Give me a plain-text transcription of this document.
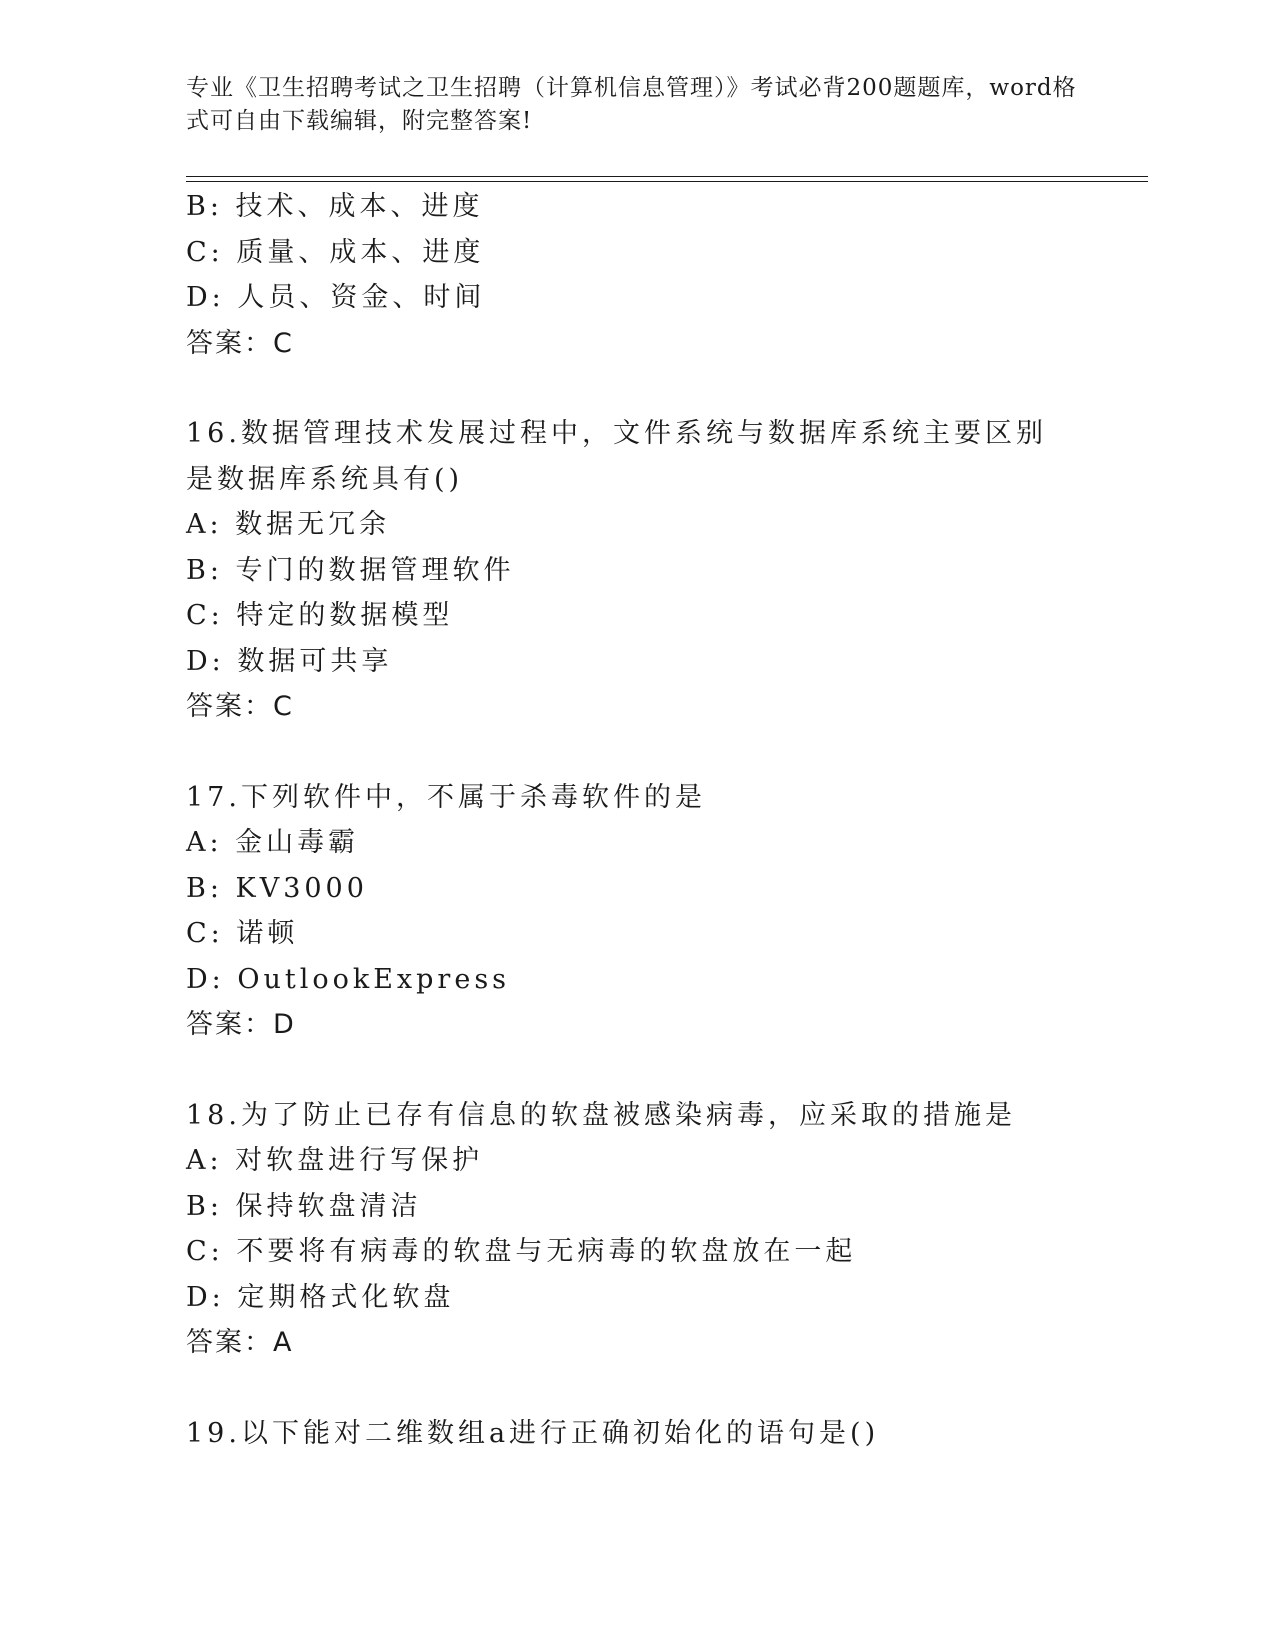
专业《卫生招聘考试之卫生招聘（计算机信息管理）》考试必背200题题库，word格式可自由下载编辑，附完整答案!
B: 技术、成本、进度
C: 质量、成本、进度
D: 人员、资金、时间
答案：C
16.数据管理技术发展过程中，文件系统与数据库系统主要区别是数据库系统具有()
A: 数据无冗余
B: 专门的数据管理软件
C: 特定的数据模型
D: 数据可共享
答案：C
17.下列软件中，不属于杀毒软件的是
A: 金山毒霸
B: KV3000
C: 诺顿
D: OutlookExpress
答案：D
18.为了防止已存有信息的软盘被感染病毒，应采取的措施是
A: 对软盘进行写保护
B: 保持软盘清洁
C: 不要将有病毒的软盘与无病毒的软盘放在一起
D: 定期格式化软盘
答案：A
19.以下能对二维数组a进行正确初始化的语句是()
